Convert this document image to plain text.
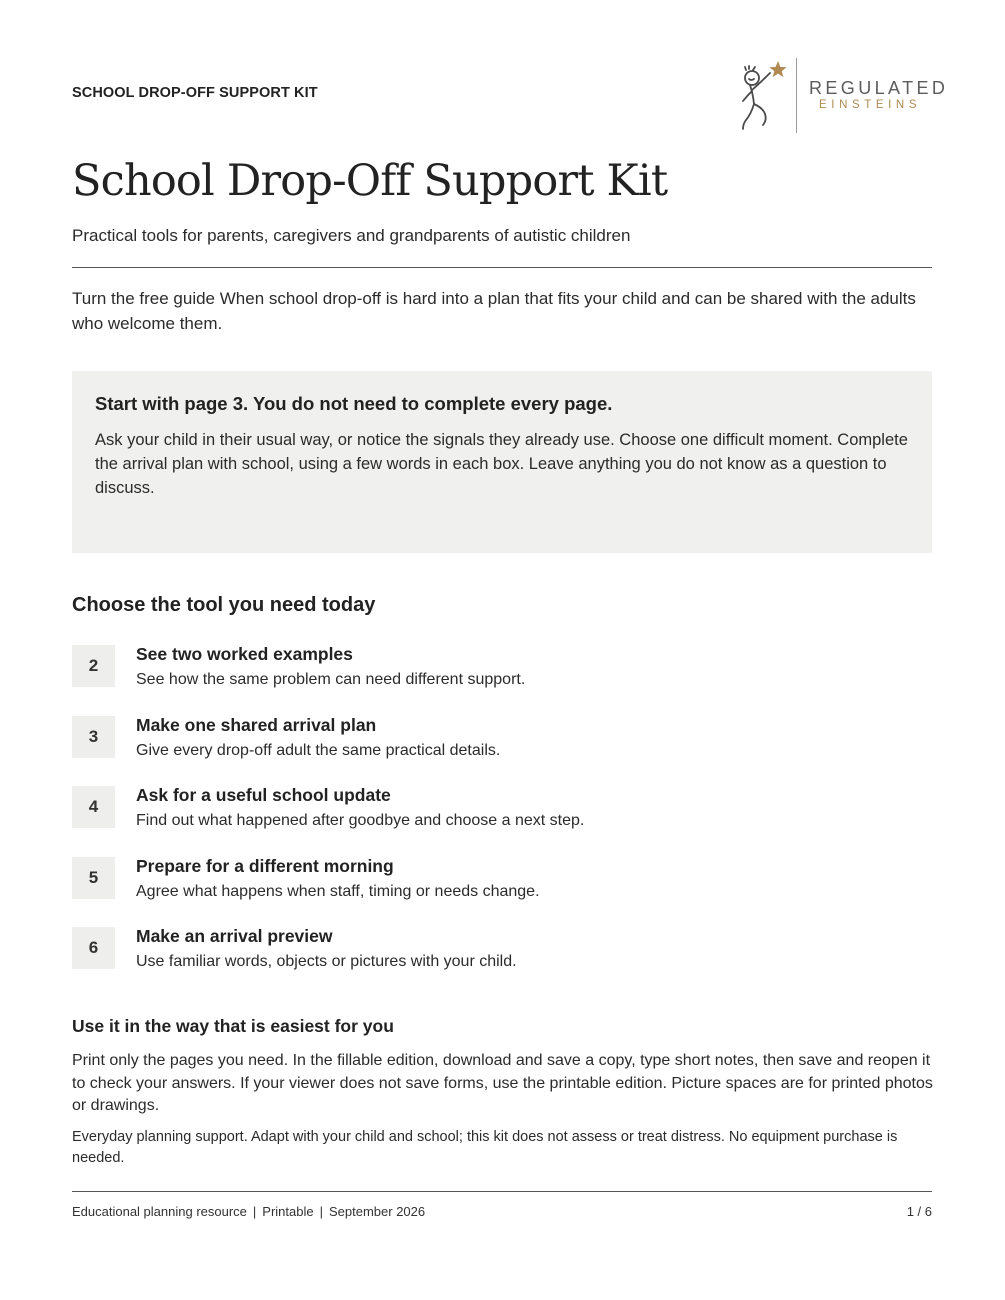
SCHOOL DROP-OFF SUPPORT KIT	REGULATED
EINSTEINS
School Drop-Off Support Kit
Practical tools for parents, caregivers and grandparents of autistic children

Turn the free guide When school drop-off is hard into a plan that fits your child and can be shared with the adults who welcome them.

Start with page 3. You do not need to complete every page.
Ask your child in their usual way, or notice the signals they already use. Choose one difficult moment. Complete the arrival plan with school, using a few words in each box. Leave anything you do not know as a question to discuss.
Choose the tool you need today
2
See two worked examples
See how the same problem can need different support.
3
Make one shared arrival plan
Give every drop-off adult the same practical details.
4
Ask for a useful school update
Find out what happened after goodbye and choose a next step.
5
Prepare for a different morning
Agree what happens when staff, timing or needs change.
6
Make an arrival preview
Use familiar words, objects or pictures with your child.
Use it in the way that is easiest for you
Print only the pages you need. In the fillable edition, download and save a copy, type short notes, then save and reopen it to check your answers. If your viewer does not save forms, use the printable edition. Picture spaces are for printed photos or drawings.
Everyday planning support. Adapt with your child and school; this kit does not assess or treat distress. No equipment purchase is needed.
Educational planning resource | Printable | September 2026	1 / 6
